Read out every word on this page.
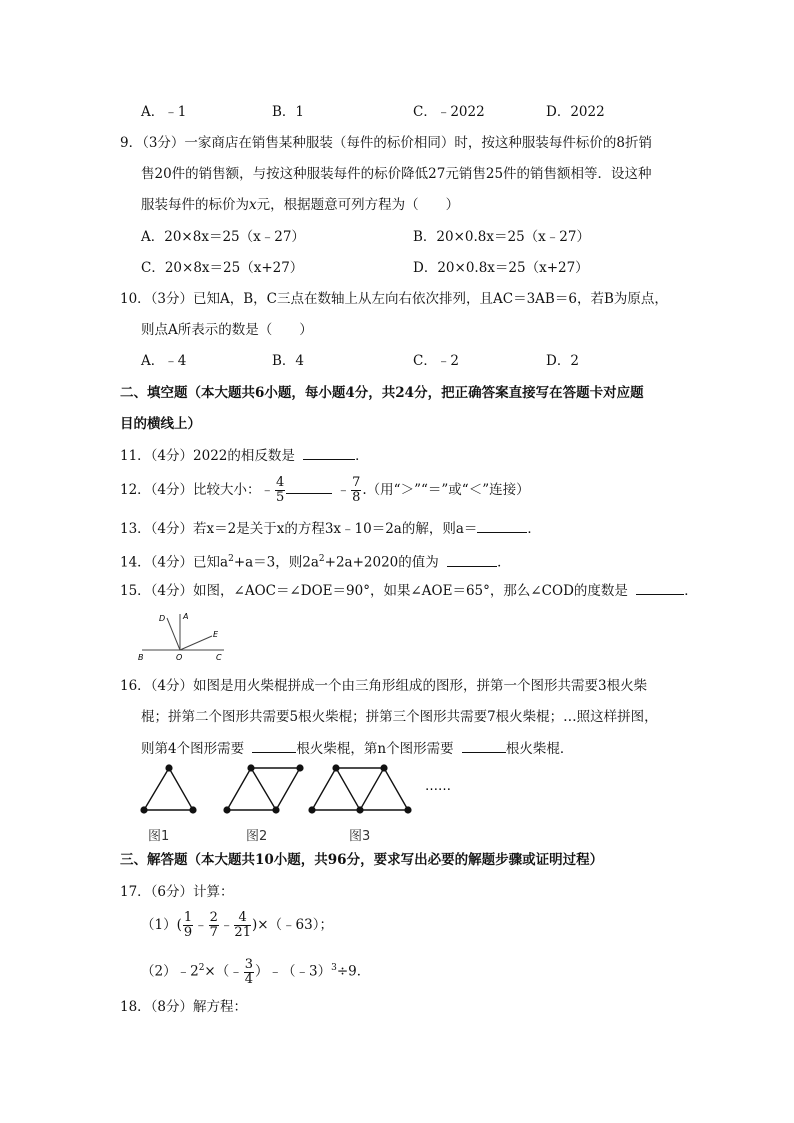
A．﹣1	B．1	C．﹣2022	D．2022
9．（3分）一家商店在销售某种服装（每件的标价相同）时，按这种服装每件标价的8折销
售20件的销售额，与按这种服装每件的标价降低27元销售25件的销售额相等．设这种
服装每件的标价为x元，根据题意可列方程为（　　）
A．20×8x＝25（x﹣27）	B．20×0.8x＝25（x﹣27）
C．20×8x＝25（x+27）	D．20×0.8x＝25（x+27）
10．（3分）已知A，B，C三点在数轴上从左向右依次排列，且AC＝3AB＝6，若B为原点，
则点A所表示的数是（　　）
A．﹣4	B．4	C．﹣2	D．2
二、填空题（本大题共6小题，每小题4分，共24分，把正确答案直接写在答题卡对应题
目的横线上）
11．（4分）2022的相反数是	．
12．（4分）比较大小：﹣ $\frac{4}{5}$	﹣ $\frac{7}{8}$ .（用“＞”“＝”或“＜”连接）
13．（4分）若x＝2是关于x的方程3x﹣10＝2a的解，则a＝	．
14．（4分）已知$a^2+a=3$，则$2a^2+2a+2020$的值为	．
15．（4分）如图，∠AOC＝∠DOE＝90°，如果∠AOE＝65°，那么∠COD的度数是	．
D A
E
B	O	C
16．（4分）如图是用火柴棍拼成一个由三角形组成的图形，拼第一个图形共需要3根火柴
棍；拼第二个图形共需要5根火柴棍；拼第三个图形共需要7根火柴棍；…照这样拼图，
则第4个图形需要	根火柴棍，第n个图形需要	根火柴棍．
……
图1	图2	图3
三、解答题（本大题共10小题，共96分，要求写出必要的解题步骤或证明过程）
17．（6分）计算：
$(1)( \frac{1}{9}$ ﹣ $\frac{2}{7}$ ﹣ $\frac{4}{21}$ )×（﹣63）；
$(2)﹣2^2\times(﹣ \frac{3}{4}$ ）﹣（﹣3）$^3$÷9．
18．（8分）解方程：
